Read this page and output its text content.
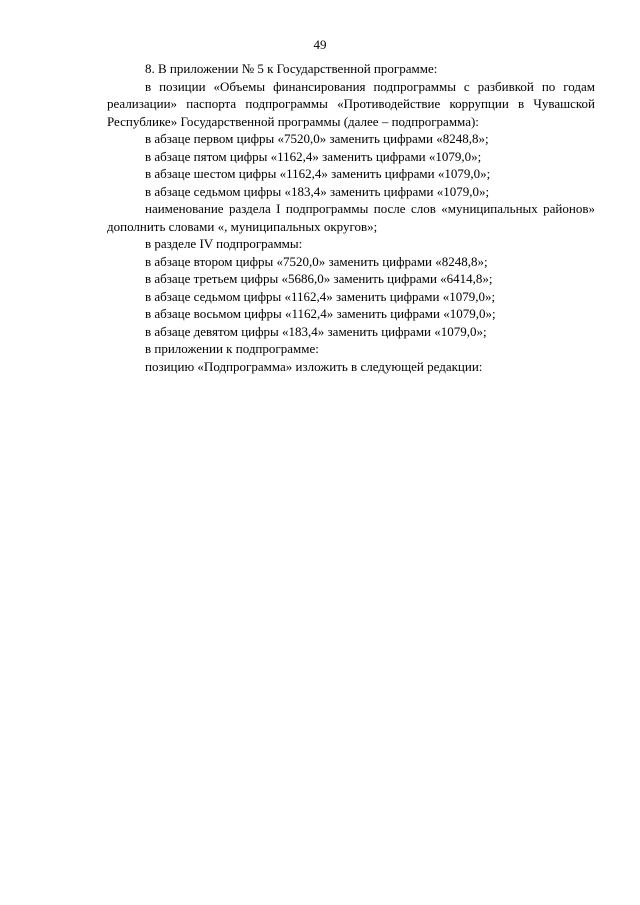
49

8. В приложении № 5 к Государственной программе:

в позиции «Объемы финансирования подпрограммы с разбивкой по годам реализации» паспорта подпрограммы «Противодействие коррупции в Чувашской Республике» Государственной программы (далее – подпрограмма):

в абзаце первом цифры «7520,0» заменить цифрами «8248,8»;

в абзаце пятом цифры «1162,4» заменить цифрами «1079,0»;

в абзаце шестом цифры «1162,4» заменить цифрами «1079,0»;

в абзаце седьмом цифры «183,4» заменить цифрами «1079,0»;

наименование раздела I подпрограммы после слов «муниципальных районов» дополнить словами «, муниципальных округов»;

в разделе IV подпрограммы:

в абзаце втором цифры «7520,0» заменить цифрами «8248,8»;

в абзаце третьем цифры «5686,0» заменить цифрами «6414,8»;

в абзаце седьмом цифры «1162,4» заменить цифрами «1079,0»;

в абзаце восьмом цифры «1162,4» заменить цифрами «1079,0»;

в абзаце девятом цифры «183,4» заменить цифрами «1079,0»;

в приложении к подпрограмме:

позицию «Подпрограмма» изложить в следующей редакции:
